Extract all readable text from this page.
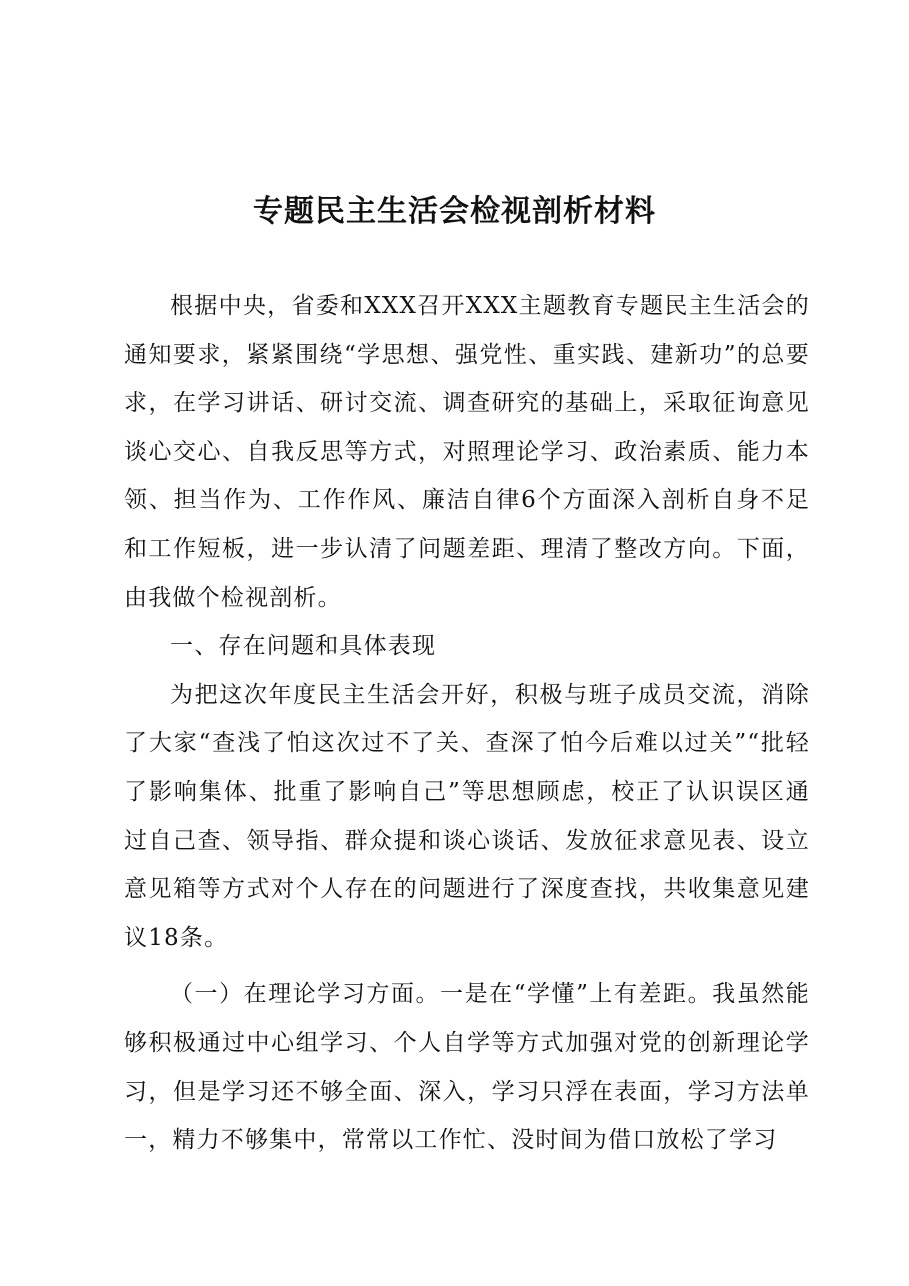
专题民主生活会检视剖析材料

根据中央，省委和XXX召开XXX主题教育专题民主生活会的通知要求，紧紧围绕“学思想、强党性、重实践、建新功”的总要求，在学习讲话、研讨交流、调查研究的基础上，采取征询意见谈心交心、自我反思等方式，对照理论学习、政治素质、能力本领、担当作为、工作作风、廉洁自律6个方面深入剖析自身不足和工作短板，进一步认清了问题差距、理清了整改方向。下面，由我做个检视剖析。

一、存在问题和具体表现

为把这次年度民主生活会开好，积极与班子成员交流，消除了大家“查浅了怕这次过不了关、查深了怕今后难以过关”“批轻了影响集体、批重了影响自己”等思想顾虑，校正了认识误区通过自己查、领导指、群众提和谈心谈话、发放征求意见表、设立意见箱等方式对个人存在的问题进行了深度查找，共收集意见建议18条。

（一）在理论学习方面。一是在“学懂”上有差距。我虽然能够积极通过中心组学习、个人自学等方式加强对党的创新理论学习，但是学习还不够全面、深入，学习只浮在表面，学习方法单一，精力不够集中，常常以工作忙、没时间为借口放松了学习
